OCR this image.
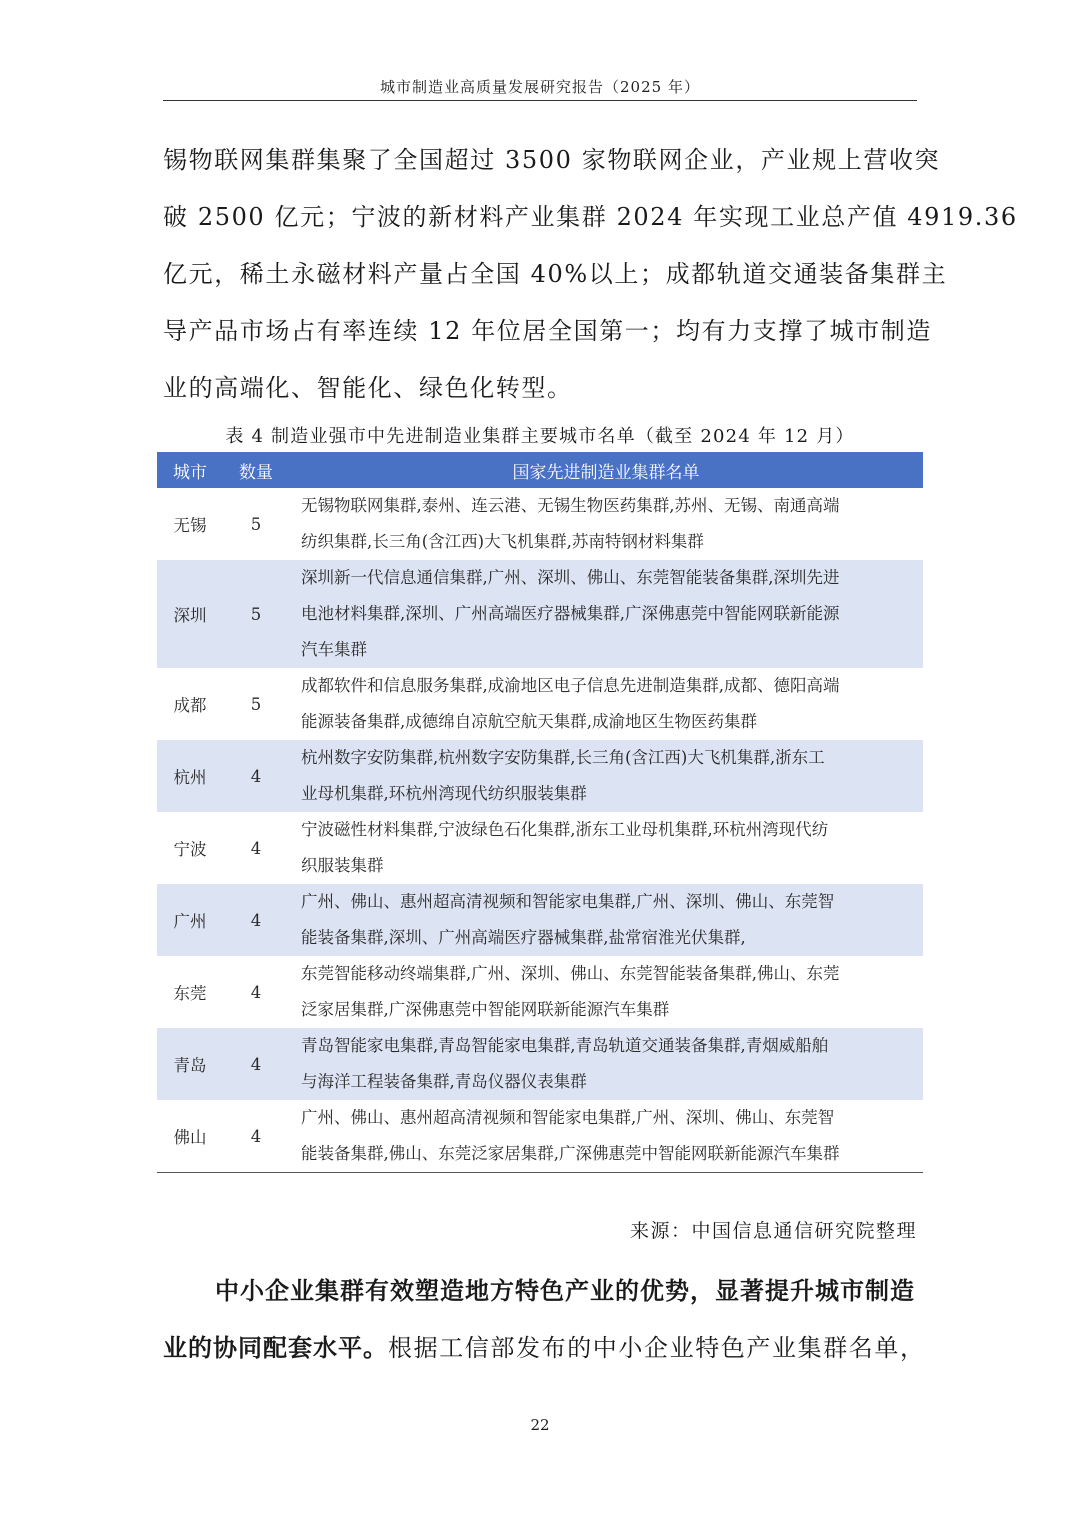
城市制造业高质量发展研究报告（2025 年）
锡物联网集群集聚了全国超过 3500 家物联网企业，产业规上营收突
破 2500 亿元；宁波的新材料产业集群 2024 年实现工业总产值 4919.36
亿元，稀土永磁材料产量占全国 40%以上；成都轨道交通装备集群主
导产品市场占有率连续 12 年位居全国第一；均有力支撑了城市制造
业的高端化、智能化、绿色化转型。
表 4 制造业强市中先进制造业集群主要城市名单（截至 2024 年 12 月）
城市	数量	国家先进制造业集群名单
无锡	5	无锡物联网集群,泰州、连云港、无锡生物医药集群,苏州、无锡、南通高端
纺织集群,长三角(含江西)大飞机集群,苏南特钢材料集群
深圳	5	深圳新一代信息通信集群,广州、深圳、佛山、东莞智能装备集群,深圳先进
电池材料集群,深圳、广州高端医疗器械集群,广深佛惠莞中智能网联新能源
汽车集群
成都	5	成都软件和信息服务集群,成渝地区电子信息先进制造集群,成都、德阳高端
能源装备集群,成德绵自凉航空航天集群,成渝地区生物医药集群
杭州	4	杭州数字安防集群,杭州数字安防集群,长三角(含江西)大飞机集群,浙东工
业母机集群,环杭州湾现代纺织服装集群
宁波	4	宁波磁性材料集群,宁波绿色石化集群,浙东工业母机集群,环杭州湾现代纺
织服装集群
广州	4	广州、佛山、惠州超高清视频和智能家电集群,广州、深圳、佛山、东莞智
能装备集群,深圳、广州高端医疗器械集群,盐常宿淮光伏集群,
东莞	4	东莞智能移动终端集群,广州、深圳、佛山、东莞智能装备集群,佛山、东莞
泛家居集群,广深佛惠莞中智能网联新能源汽车集群
青岛	4	青岛智能家电集群,青岛智能家电集群,青岛轨道交通装备集群,青烟威船舶
与海洋工程装备集群,青岛仪器仪表集群
佛山	4	广州、佛山、惠州超高清视频和智能家电集群,广州、深圳、佛山、东莞智
能装备集群,佛山、东莞泛家居集群,广深佛惠莞中智能网联新能源汽车集群
来源：中国信息通信研究院整理
中小企业集群有效塑造地方特色产业的优势，显著提升城市制造
业的协同配套水平。根据工信部发布的中小企业特色产业集群名单，
22
